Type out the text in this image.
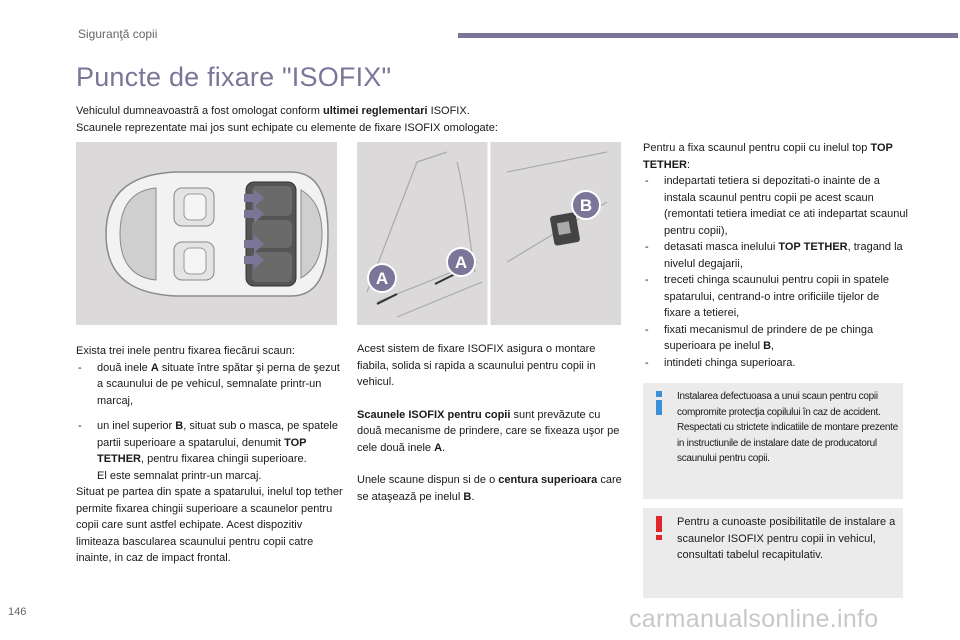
Siguranţă copii
Puncte de fixare "ISOFIX"
Vehiculul dumneavoastră a fost omologat conform ultimei reglementari ISOFIX.
Scaunele reprezentate mai jos sunt echipate cu elemente de fixare ISOFIX omologate:
A
A
B
Exista trei inele pentru fixarea fiecărui scaun:
- două inele A situate între spătar şi perna de şezut a scaunului de pe vehicul, semnalate printr-un marcaj,
- un inel superior B, situat sub o masca, pe spatele partii superioare a spatarului, denumit TOP TETHER, pentru fixarea chingii superioare.
El este semnalat printr-un marcaj.
Situat pe partea din spate a spatarului, inelul top tether permite fixarea chingii superioare a scaunelor pentru copii care sunt astfel echipate. Acest dispozitiv limiteaza bascularea scaunului pentru copii catre inainte, in caz de impact frontal.
Acest sistem de fixare ISOFIX asigura o montare fiabila, solida si rapida a scaunului pentru copii in vehicul.
Scaunele ISOFIX pentru copii sunt prevăzute cu două mecanisme de prindere, care se fixeaza uşor pe cele două inele A.
Unele scaune dispun si de o centura superioara care se ataşează pe inelul B.
Pentru a fixa scaunul pentru copii cu inelul top TOP TETHER:
- indepartati tetiera si depozitati-o inainte de a instala scaunul pentru copii pe acest scaun (remontati tetiera imediat ce ati indepartat scaunul pentru copii),
- detasati masca inelului TOP TETHER, tragand la nivelul degajarii,
- treceti chinga scaunului pentru copii in spatele spatarului, centrand-o intre orificiile tijelor de fixare a tetierei,
- fixati mecanismul de prindere de pe chinga superioara pe inelul B,
- intindeti chinga superioara.
Instalarea defectuoasa a unui scaun pentru copii compromite protecţia copilului în caz de accident.
Respectati cu strictete indicatiile de montare prezente in instructiunile de instalare date de producatorul scaunului pentru copii.
Pentru a cunoaste posibilitatile de instalare a scaunelor ISOFIX pentru copii in vehicul, consultati tabelul recapitulativ.
146	carmanualsonline.info
